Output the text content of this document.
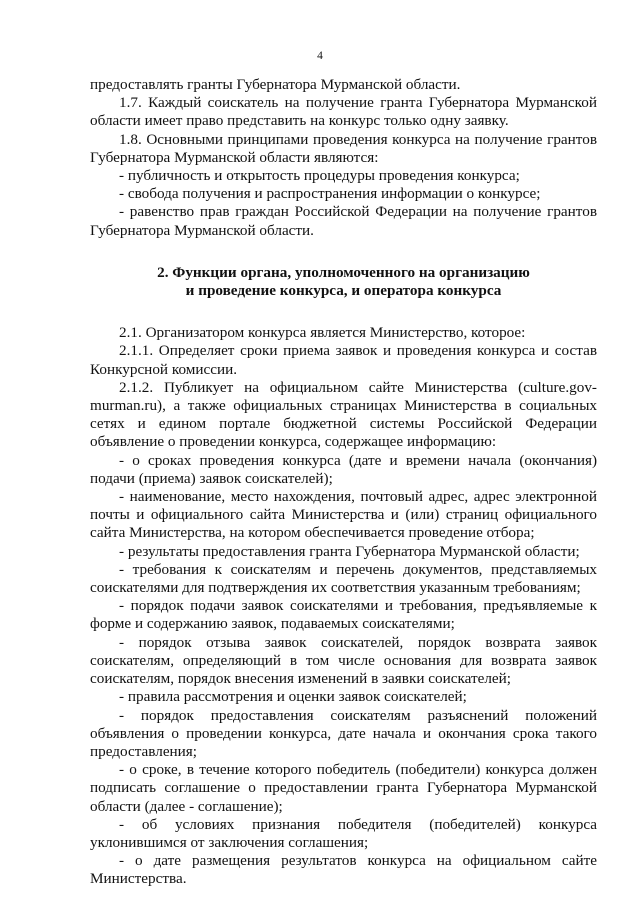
4

предоставлять гранты Губернатора Мурманской области.

1.7. Каждый соискатель на получение гранта Губернатора Мурманской области имеет право представить на конкурс только одну заявку.

1.8. Основными принципами проведения конкурса на получение грантов Губернатора Мурманской области являются:

- публичность и открытость процедуры проведения конкурса;

- свобода получения и распространения информации о конкурсе;

- равенство прав граждан Российской Федерации на получение грантов Губернатора Мурманской области.

2. Функции органа, уполномоченного на организацию
и проведение конкурса, и оператора конкурса

2.1. Организатором конкурса является Министерство, которое:

2.1.1. Определяет сроки приема заявок и проведения конкурса и состав Конкурсной комиссии.

2.1.2. Публикует на официальном сайте Министерства (culture.gov-murman.ru), а также официальных страницах Министерства в социальных сетях и едином портале бюджетной системы Российской Федерации объявление о проведении конкурса, содержащее информацию:

- о сроках проведения конкурса (дате и времени начала (окончания) подачи (приема) заявок соискателей);

- наименование, место нахождения, почтовый адрес, адрес электронной почты и официального сайта Министерства и (или) страниц официального сайта Министерства, на котором обеспечивается проведение отбора;

- результаты предоставления гранта Губернатора Мурманской области;

- требования к соискателям и перечень документов, представляемых соискателями для подтверждения их соответствия указанным требованиям;

- порядок подачи заявок соискателями и требования, предъявляемые к форме и содержанию заявок, подаваемых соискателями;

- порядок отзыва заявок соискателей, порядок возврата заявок соискателям, определяющий в том числе основания для возврата заявок соискателям, порядок внесения изменений в заявки соискателей;

- правила рассмотрения и оценки заявок соискателей;

- порядок предоставления соискателям разъяснений положений объявления о проведении конкурса, дате начала и окончания срока такого предоставления;

- о сроке, в течение которого победитель (победители) конкурса должен подписать соглашение о предоставлении гранта Губернатора Мурманской области (далее - соглашение);

- об условиях признания победителя (победителей) конкурса уклонившимся от заключения соглашения;

- о дате размещения результатов конкурса на официальном сайте Министерства.
